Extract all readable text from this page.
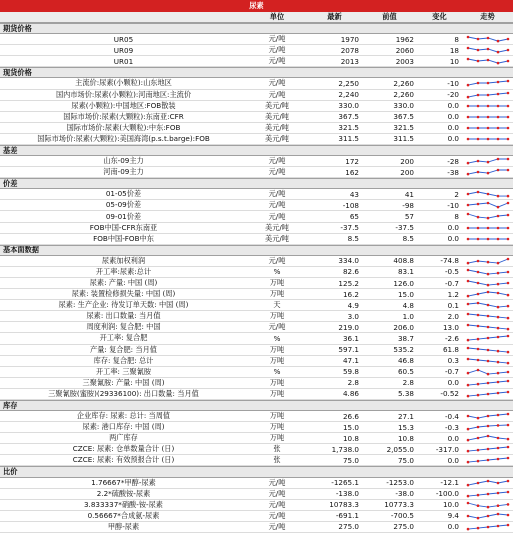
尿素
单位	最新	前值	变化	走势
期货价格
UR05	元/吨	1970	1962	8
UR09	元/吨	2078	2060	18
UR01	元/吨	2013	2003	10
现货价格
主流价:尿素(小颗粒):山东地区	元/吨	2,250	2,260	-10
国内市场价:尿素(小颗粒):河南地区:主流价	元/吨	2,240	2,260	-20
尿素(小颗粒):中国地区:FOB散装	美元/吨	330.0	330.0	0.0
国际市场价:尿素(大颗粒):东南亚:CFR	美元/吨	367.5	367.5	0.0
国际市场价:尿素(大颗粒):中东:FOB	美元/吨	321.5	321.5	0.0
国际市场价:尿素(大颗粒):美国海湾(p.s.t.barge):FOB	美元/吨	311.5	311.5	0.0
基差
山东-09主力	元/吨	172	200	-28
河南-09主力	元/吨	162	200	-38
价差
01-05价差	元/吨	43	41	2
05-09价差	元/吨	-108	-98	-10
09-01价差	元/吨	65	57	8
FOB中国-CFR东南亚	美元/吨	-37.5	-37.5	0.0
FOB中国-FOB中东	美元/吨	8.5	8.5	0.0
基本面数据
尿素加权利润	元/吨	334.0	408.8	-74.8
开工率:尿素:总计	%	82.6	83.1	-0.5
尿素: 产量: 中国 (周)	万吨	125.2	126.0	-0.7
尿素: 装置检修损失量: 中国 (周)	万吨	16.2	15.0	1.2
尿素: 生产企业: 待发订单天数: 中国 (周)	天	4.9	4.8	0.1
尿素: 出口数量: 当月值	万吨	3.0	1.0	2.0
周度利润: 复合肥: 中国	元/吨	219.0	206.0	13.0
开工率: 复合肥	%	36.1	38.7	-2.6
产量: 复合肥: 当月值	万吨	597.1	535.2	61.8
库存: 复合肥: 总计	万吨	47.1	46.8	0.3
开工率: 三聚氰胺	%	59.8	60.5	-0.7
三聚氰胺: 产量: 中国 (周)	万吨	2.8	2.8	0.0
三聚氰胺(蜜胺)(29336100): 出口数量: 当月值	万吨	4.86	5.38	-0.52
库存
企业库存: 尿素: 总计: 当周值	万吨	26.6	27.1	-0.4
尿素: 港口库存: 中国 (周)	万吨	15.0	15.3	-0.3
两广库存	万吨	10.8	10.8	0.0
CZCE: 尿素: 仓单数量合计 (日)	张	1,738.0	2,055.0	-317.0
CZCE: 尿素: 有效预报合计 (日)	张	75.0	75.0	0.0
比价
1.76667*甲醇-尿素	元/吨	-1265.1	-1253.0	-12.1
2.2*硫酸铵-尿素	元/吨	-138.0	-38.0	-100.0
3.833337*硝酸-铵-尿素	元/吨	10783.3	10773.3	10.0
0.56667*合成氨-尿素	元/吨	-691.1	-700.5	9.4
甲醇-尿素	元/吨	275.0	275.0	0.0
